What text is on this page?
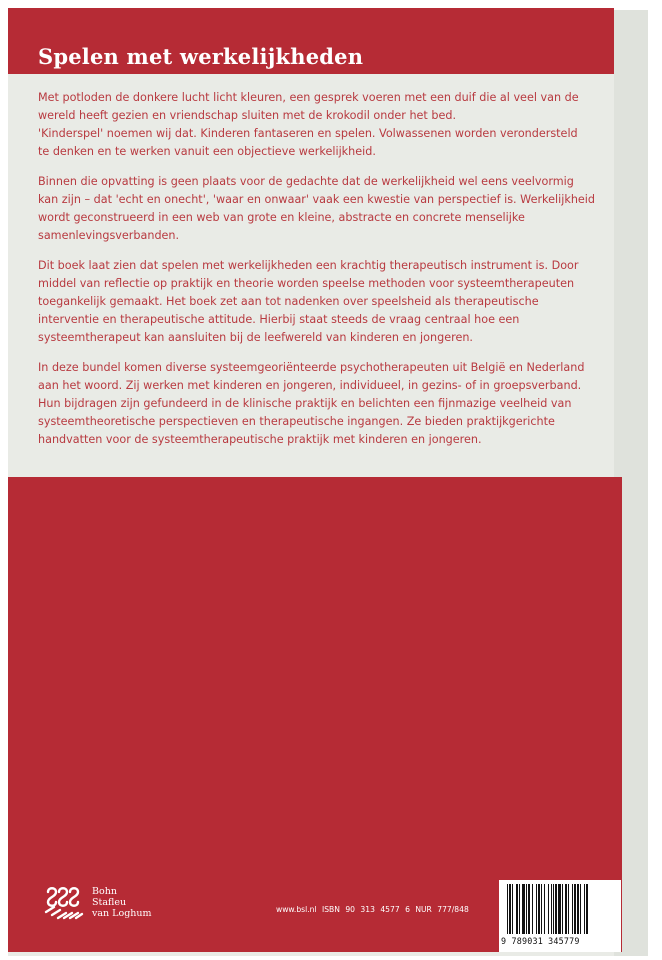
Spelen met werkelijkheden

Met potloden de donkere lucht licht kleuren, een gesprek voeren met een duif die al veel van de
wereld heeft gezien en vriendschap sluiten met de krokodil onder het bed.
'Kinderspel' noemen wij dat. Kinderen fantaseren en spelen. Volwassenen worden verondersteld
te denken en te werken vanuit een objectieve werkelijkheid.

Binnen die opvatting is geen plaats voor de gedachte dat de werkelijkheid wel eens veelvormig
kan zijn – dat 'echt en onecht', 'waar en onwaar' vaak een kwestie van perspectief is. Werkelijkheid
wordt geconstrueerd in een web van grote en kleine, abstracte en concrete menselijke
samenlevingsverbanden.

Dit boek laat zien dat spelen met werkelijkheden een krachtig therapeutisch instrument is. Door
middel van reflectie op praktijk en theorie worden speelse methoden voor systeemtherapeuten
toegankelijk gemaakt. Het boek zet aan tot nadenken over speelsheid als therapeutische
interventie en therapeutische attitude. Hierbij staat steeds de vraag centraal hoe een
systeemtherapeut kan aansluiten bij de leefwereld van kinderen en jongeren.

In deze bundel komen diverse systeemgeoriënteerde psychotherapeuten uit België en Nederland
aan het woord. Zij werken met kinderen en jongeren, individueel, in gezins- of in groepsverband.
Hun bijdragen zijn gefundeerd in de klinische praktijk en belichten een fijnmazige veelheid van
systeemtheoretische perspectieven en therapeutische ingangen. Ze bieden praktijkgerichte
handvatten voor de systeemtherapeutische praktijk met kinderen en jongeren.

Bohn
Stafleu
van Loghum	www.bsl.nl ISBN 90 313 4577 6 NUR 777/848
9 789031 345779
